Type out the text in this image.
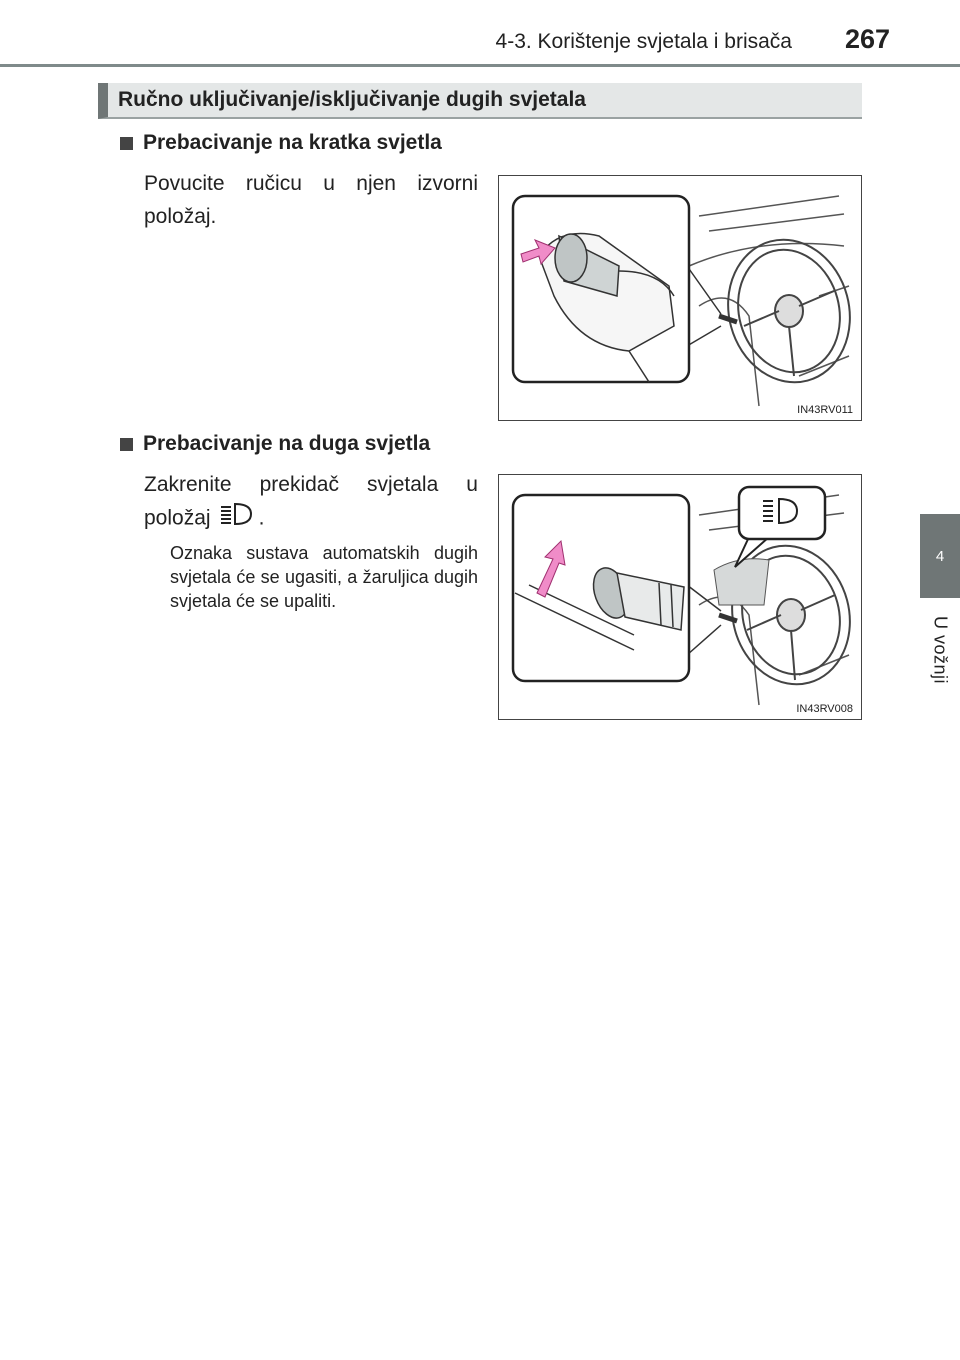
4-3. Korištenje svjetala i brisača 267
4
U vožnji
Ručno uključivanje/isključivanje dugih svjetala
Prebacivanje na kratka svjetla
Povucite ručicu u njen izvorni položaj.
IN43RV011
Prebacivanje na duga svjetla
Zakrenite prekidač svjetala u položaj .
Oznaka sustava automatskih dugih svjetala će se ugasiti, a žaruljica dugih svjetala će se upaliti.
IN43RV008
